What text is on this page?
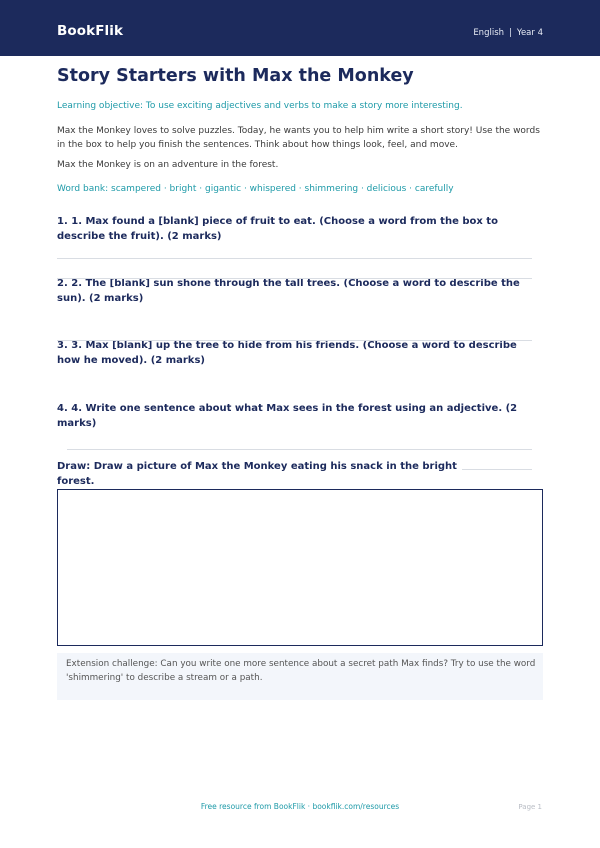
BookFlik	English | Year 4
Story Starters with Max the Monkey
Learning objective: To use exciting adjectives and verbs to make a story more interesting.
Max the Monkey loves to solve puzzles. Today, he wants you to help him write a short story! Use the words in the box to help you finish the sentences. Think about how things look, feel, and move.
Max the Monkey is on an adventure in the forest.
Word bank: scampered · bright · gigantic · whispered · shimmering · delicious · carefully
1. 1. Max found a [blank] piece of fruit to eat. (Choose a word from the box to describe the fruit). (2 marks)
2. 2. The [blank] sun shone through the tall trees. (Choose a word to describe the sun). (2 marks)
3. 3. Max [blank] up the tree to hide from his friends. (Choose a word to describe how he moved). (2 marks)
4. 4. Write one sentence about what Max sees in the forest using an adjective. (2 marks)
Draw: Draw a picture of Max the Monkey eating his snack in the bright forest.
Extension challenge: Can you write one more sentence about a secret path Max finds? Try to use the word 'shimmering' to describe a stream or a path.
Free resource from BookFlik · bookflik.com/resources	Page 1
